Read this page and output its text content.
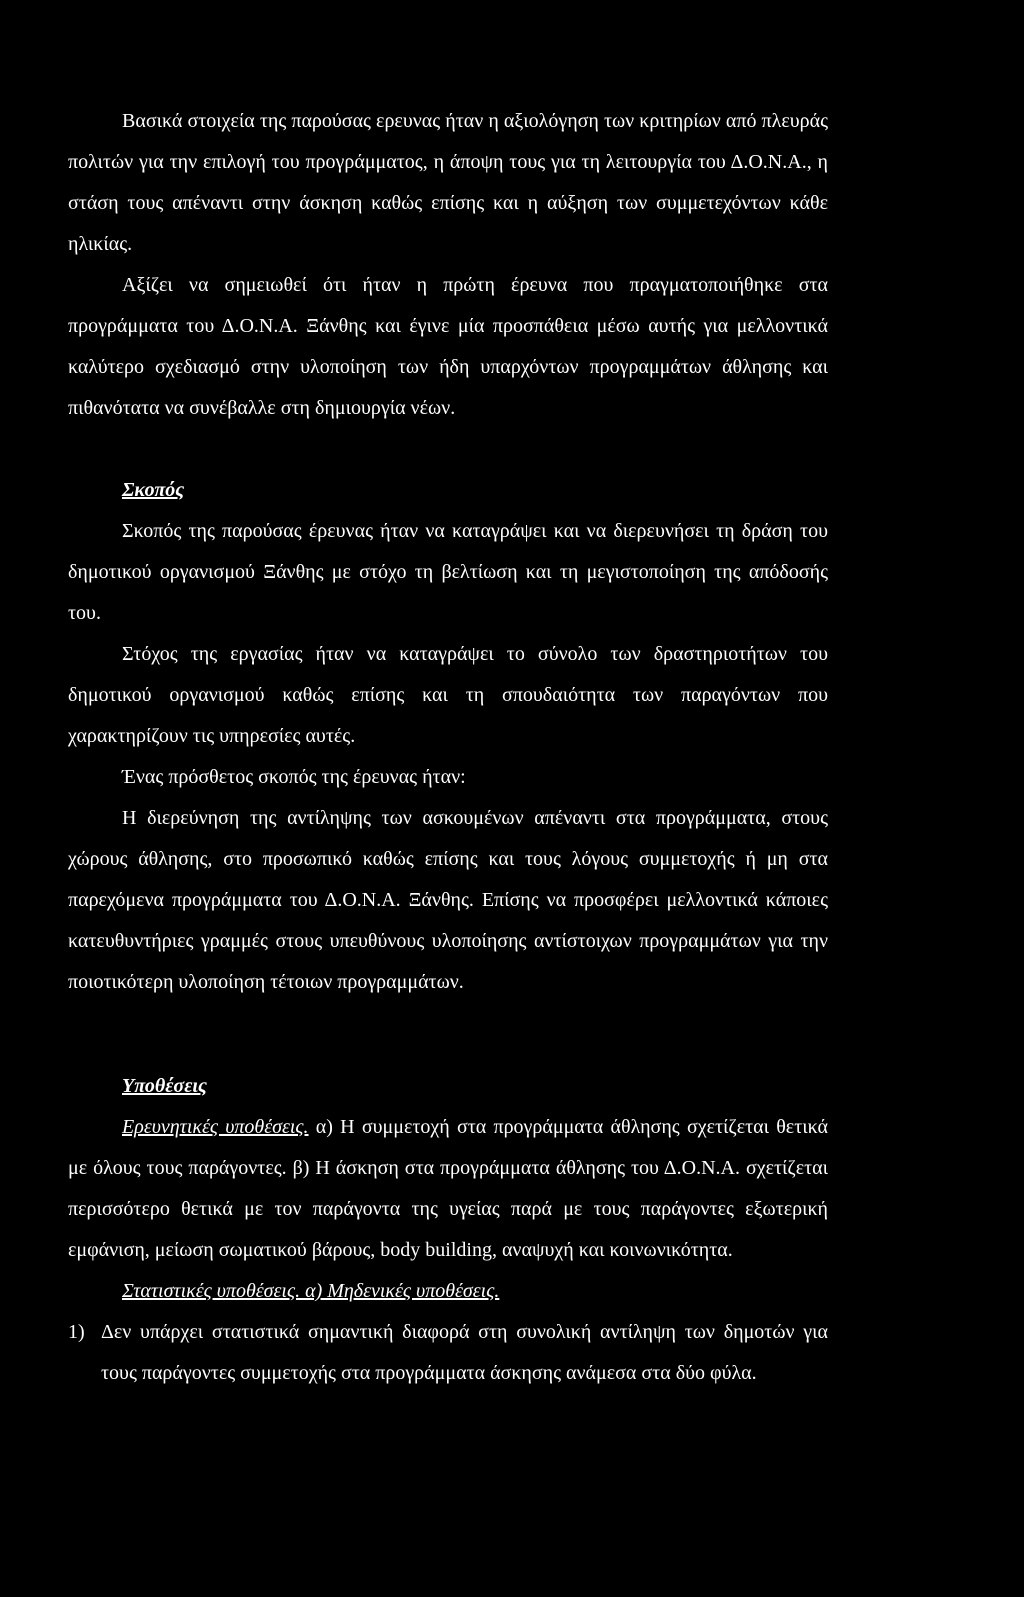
Βασικά στοιχεία της παρούσας ερευνας ήταν η αξιολόγηση των κριτηρίων από πλευράς πολιτών για την επιλογή του προγράμματος, η άποψη τους για τη λειτουργία του Δ.Ο.Ν.Α., η στάση τους απέναντι στην άσκηση καθώς επίσης και η αύξηση των συμμετεχόντων κάθε ηλικίας.

Αξίζει να σημειωθεί ότι ήταν η πρώτη έρευνα που πραγματοποιήθηκε στα προγράμματα του Δ.Ο.Ν.Α. Ξάνθης και έγινε μία προσπάθεια μέσω αυτής για μελλοντικά καλύτερο σχεδιασμό στην υλοποίηση των ήδη υπαρχόντων προγραμμάτων άθλησης και πιθανότατα να συνέβαλλε στη δημιουργία νέων.

Σκοπός

Σκοπός της παρούσας έρευνας ήταν να καταγράψει και να διερευνήσει τη δράση του δημοτικού οργανισμού Ξάνθης με στόχο τη βελτίωση και τη μεγιστοποίηση της απόδοσής του.

Στόχος της εργασίας ήταν να καταγράψει το σύνολο των δραστηριοτήτων του δημοτικού οργανισμού καθώς επίσης και τη σπουδαιότητα των παραγόντων που χαρακτηρίζουν τις υπηρεσίες αυτές.

Ένας πρόσθετος σκοπός της έρευνας ήταν:

Η διερεύνηση της αντίληψης των ασκουμένων απέναντι στα προγράμματα, στους χώρους άθλησης, στο προσωπικό καθώς επίσης και τους λόγους συμμετοχής ή μη στα παρεχόμενα προγράμματα του Δ.Ο.Ν.Α. Ξάνθης. Επίσης να προσφέρει μελλοντικά κάποιες κατευθυντήριες γραμμές στους υπευθύνους υλοποίησης αντίστοιχων προγραμμάτων για την ποιοτικότερη υλοποίηση τέτοιων προγραμμάτων.

Υποθέσεις

Ερευνητικές υποθέσεις. α) Η συμμετοχή στα προγράμματα άθλησης σχετίζεται θετικά με όλους τους παράγοντες. β) Η άσκηση στα προγράμματα άθλησης του Δ.Ο.Ν.Α. σχετίζεται περισσότερο θετικά με τον παράγοντα της υγείας παρά με τους παράγοντες εξωτερική εμφάνιση, μείωση σωματικού βάρους, body building, αναψυχή και κοινωνικότητα.

Στατιστικές υποθέσεις. α) Μηδενικές υποθέσεις.

1) Δεν υπάρχει στατιστικά σημαντική διαφορά στη συνολική αντίληψη των δημοτών για τους παράγοντες συμμετοχής στα προγράμματα άσκησης ανάμεσα στα δύο φύλα.
